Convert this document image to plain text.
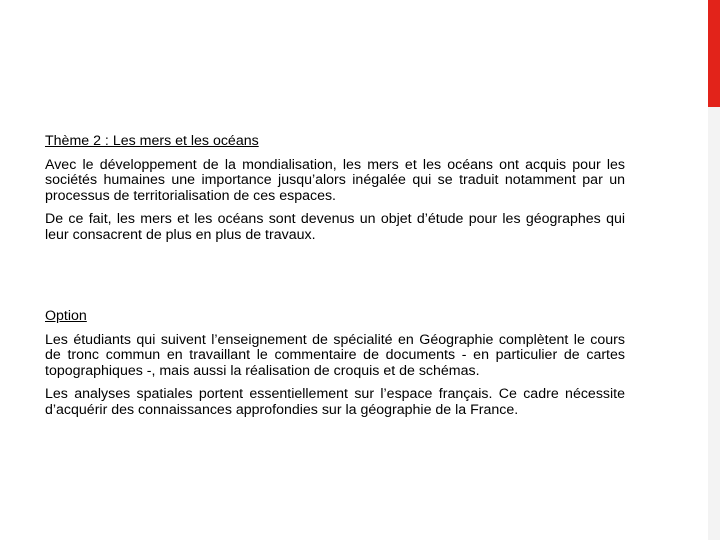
Thème 2 : Les mers et les océans

Avec le développement de la mondialisation, les mers et les océans ont acquis pour les sociétés humaines une importance jusqu’alors inégalée qui se traduit notamment par un processus de territorialisation de ces espaces.

De ce fait, les mers et les océans sont devenus un objet d’étude pour les géographes qui leur consacrent de plus en plus de travaux.

Option

Les étudiants qui suivent l’enseignement de spécialité en Géographie complètent le cours de tronc commun en travaillant le commentaire de documents - en particulier de cartes topographiques -, mais aussi la réalisation de croquis et de schémas.

Les analyses spatiales portent essentiellement sur l’espace français. Ce cadre nécessite d’acquérir des connaissances approfondies sur la géographie de la France.
